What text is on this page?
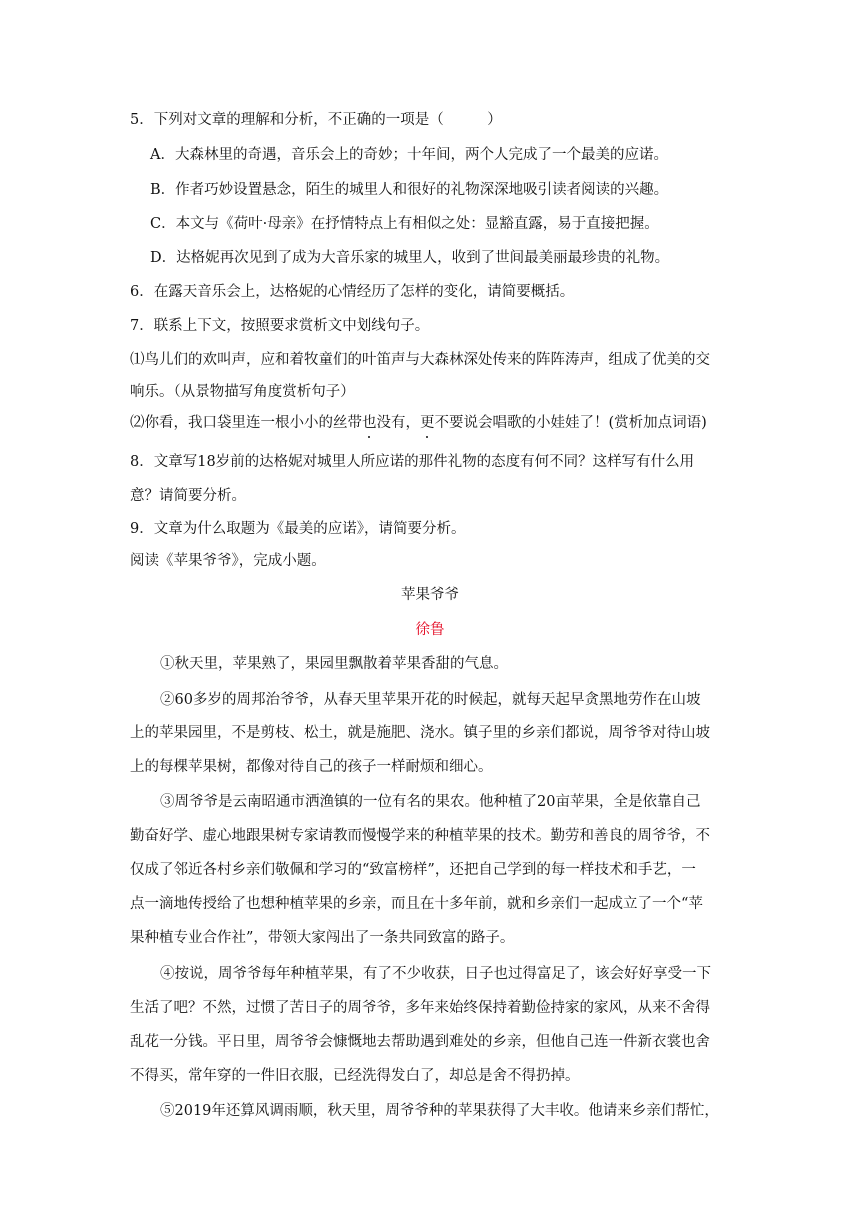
5．下列对文章的理解和分析，不正确的一项是（　　　）
A．大森林里的奇遇，音乐会上的奇妙；十年间，两个人完成了一个最美的应诺。
B．作者巧妙设置悬念，陌生的城里人和很好的礼物深深地吸引读者阅读的兴趣。
C．本文与《荷叶·母亲》在抒情特点上有相似之处：显豁直露，易于直接把握。
D．达格妮再次见到了成为大音乐家的城里人，收到了世间最美丽最珍贵的礼物。
6．在露天音乐会上，达格妮的心情经历了怎样的变化，请简要概括。
7．联系上下文，按照要求赏析文中划线句子。
⑴鸟儿们的欢叫声，应和着牧童们的叶笛声与大森林深处传来的阵阵涛声，组成了优美的交
响乐。（从景物描写角度赏析句子）
⑵你看，我口袋里连一根小小的丝带也没有，更不要说会唱歌的小娃娃了！(赏析加点词语)
8．文章写18岁前的达格妮对城里人所应诺的那件礼物的态度有何不同？这样写有什么用
意？请简要分析。
9．文章为什么取题为《最美的应诺》，请简要分析。
阅读《苹果爷爷》，完成小题。
苹果爷爷
徐鲁
①秋天里，苹果熟了，果园里飘散着苹果香甜的气息。
②60多岁的周邦治爷爷，从春天里苹果开花的时候起，就每天起早贪黑地劳作在山坡
上的苹果园里，不是剪枝、松土，就是施肥、浇水。镇子里的乡亲们都说，周爷爷对待山坡
上的每棵苹果树，都像对待自己的孩子一样耐烦和细心。
③周爷爷是云南昭通市洒渔镇的一位有名的果农。他种植了20亩苹果，全是依靠自己
勤奋好学、虚心地跟果树专家请教而慢慢学来的种植苹果的技术。勤劳和善良的周爷爷，不
仅成了邻近各村乡亲们敬佩和学习的“致富榜样”，还把自己学到的每一样技术和手艺，一
点一滴地传授给了也想种植苹果的乡亲，而且在十多年前，就和乡亲们一起成立了一个“苹
果种植专业合作社”，带领大家闯出了一条共同致富的路子。
④按说，周爷爷每年种植苹果，有了不少收获，日子也过得富足了，该会好好享受一下
生活了吧？不然，过惯了苦日子的周爷爷，多年来始终保持着勤俭持家的家风，从来不舍得
乱花一分钱。平日里，周爷爷会慷慨地去帮助遇到难处的乡亲，但他自己连一件新衣裳也舍
不得买，常年穿的一件旧衣服，已经洗得发白了，却总是舍不得扔掉。
⑤2019年还算风调雨顺，秋天里，周爷爷种的苹果获得了大丰收。他请来乡亲们帮忙，
